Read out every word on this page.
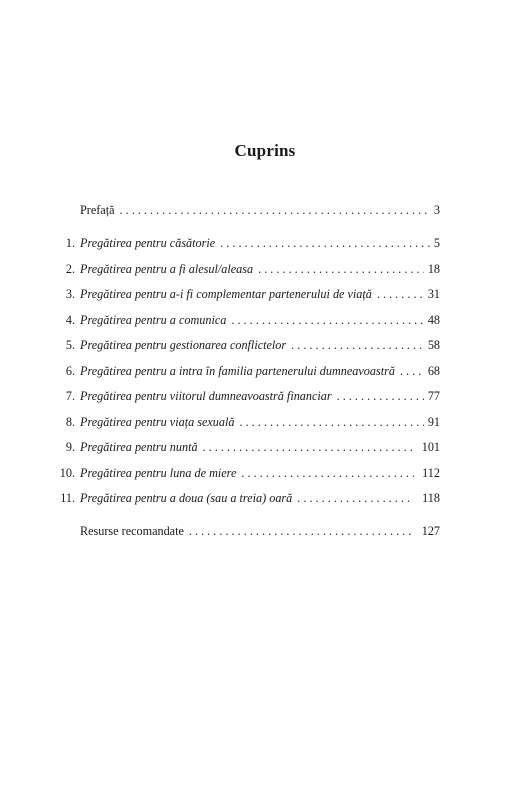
Cuprins
Prefață . . .	3
1. Pregătirea pentru căsătorie . . .	5
2. Pregătirea pentru a fi alesul/aleasa . . .	18
3. Pregătirea pentru a-i fi complementar partenerului de viață . . .	31
4. Pregătirea pentru a comunica . . .	48
5. Pregătirea pentru gestionarea conflictelor . . .	58
6. Pregătirea pentru a intra în familia partenerului dumneavoastră . . .	68
7. Pregătirea pentru viitorul dumneavoastră financiar . . .	77
8. Pregătirea pentru viața sexuală . . .	91
9. Pregătirea pentru nuntă . . .	101
10. Pregătirea pentru luna de miere . . .	112
11. Pregătirea pentru a doua (sau a treia) oară . . .	118
Resurse recomandate . . .	127
